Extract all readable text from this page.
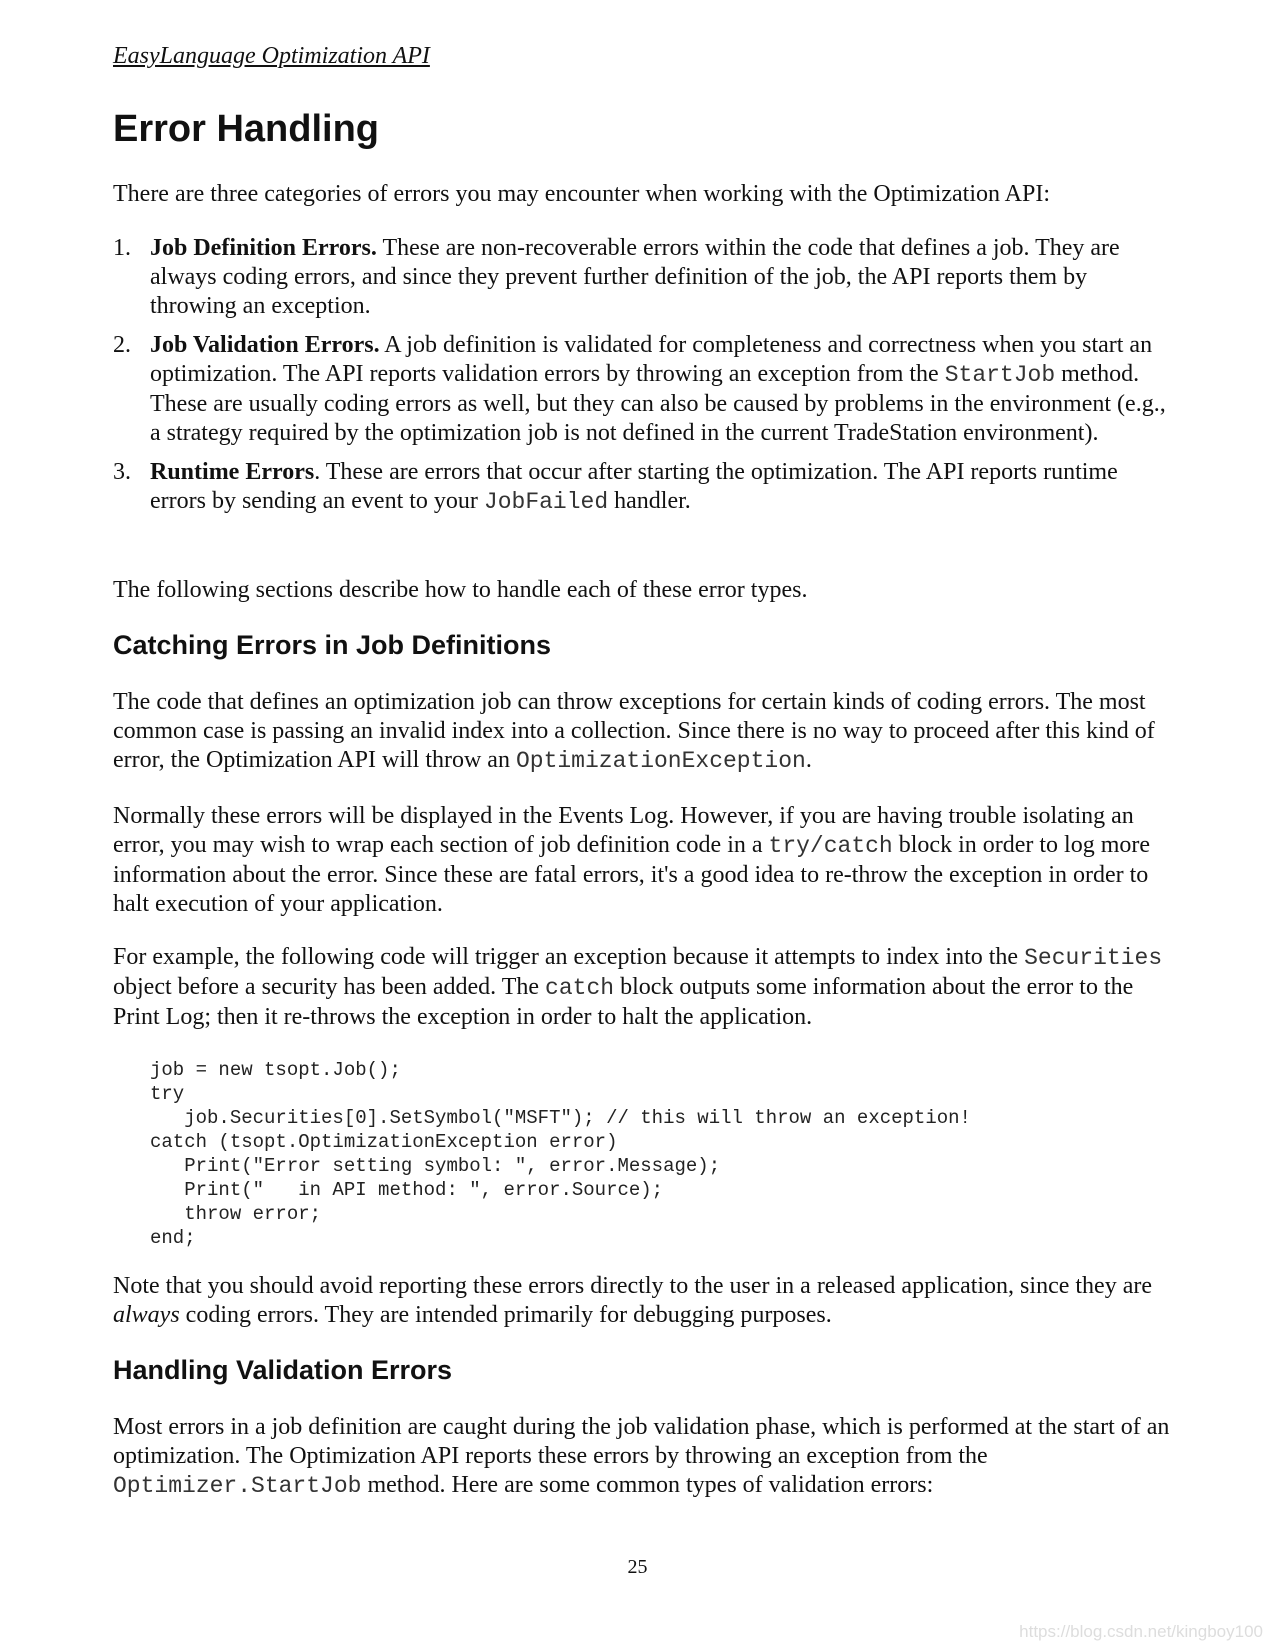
EasyLanguage Optimization API
Error Handling
There are three categories of errors you may encounter when working with the Optimization API:
1. Job Definition Errors. These are non-recoverable errors within the code that defines a job. They are always coding errors, and since they prevent further definition of the job, the API reports them by throwing an exception.
2. Job Validation Errors. A job definition is validated for completeness and correctness when you start an optimization. The API reports validation errors by throwing an exception from the StartJob method. These are usually coding errors as well, but they can also be caused by problems in the environment (e.g., a strategy required by the optimization job is not defined in the current TradeStation environment).
3. Runtime Errors. These are errors that occur after starting the optimization. The API reports runtime errors by sending an event to your JobFailed handler.
The following sections describe how to handle each of these error types.
Catching Errors in Job Definitions
The code that defines an optimization job can throw exceptions for certain kinds of coding errors. The most common case is passing an invalid index into a collection. Since there is no way to proceed after this kind of error, the Optimization API will throw an OptimizationException.
Normally these errors will be displayed in the Events Log. However, if you are having trouble isolating an error, you may wish to wrap each section of job definition code in a try/catch block in order to log more information about the error. Since these are fatal errors, it's a good idea to re-throw the exception in order to halt execution of your application.
For example, the following code will trigger an exception because it attempts to index into the Securities object before a security has been added. The catch block outputs some information about the error to the Print Log; then it re-throws the exception in order to halt the application.
job = new tsopt.Job();
try
job.Securities[0].SetSymbol("MSFT"); // this will throw an exception!
catch (tsopt.OptimizationException error)
Print("Error setting symbol: ", error.Message);
Print("   in API method: ", error.Source);
throw error;
end;
Note that you should avoid reporting these errors directly to the user in a released application, since they are always coding errors. They are intended primarily for debugging purposes.
Handling Validation Errors
Most errors in a job definition are caught during the job validation phase, which is performed at the start of an optimization. The Optimization API reports these errors by throwing an exception from the Optimizer.StartJob method. Here are some common types of validation errors:
25
https://blog.csdn.net/kingboy100
